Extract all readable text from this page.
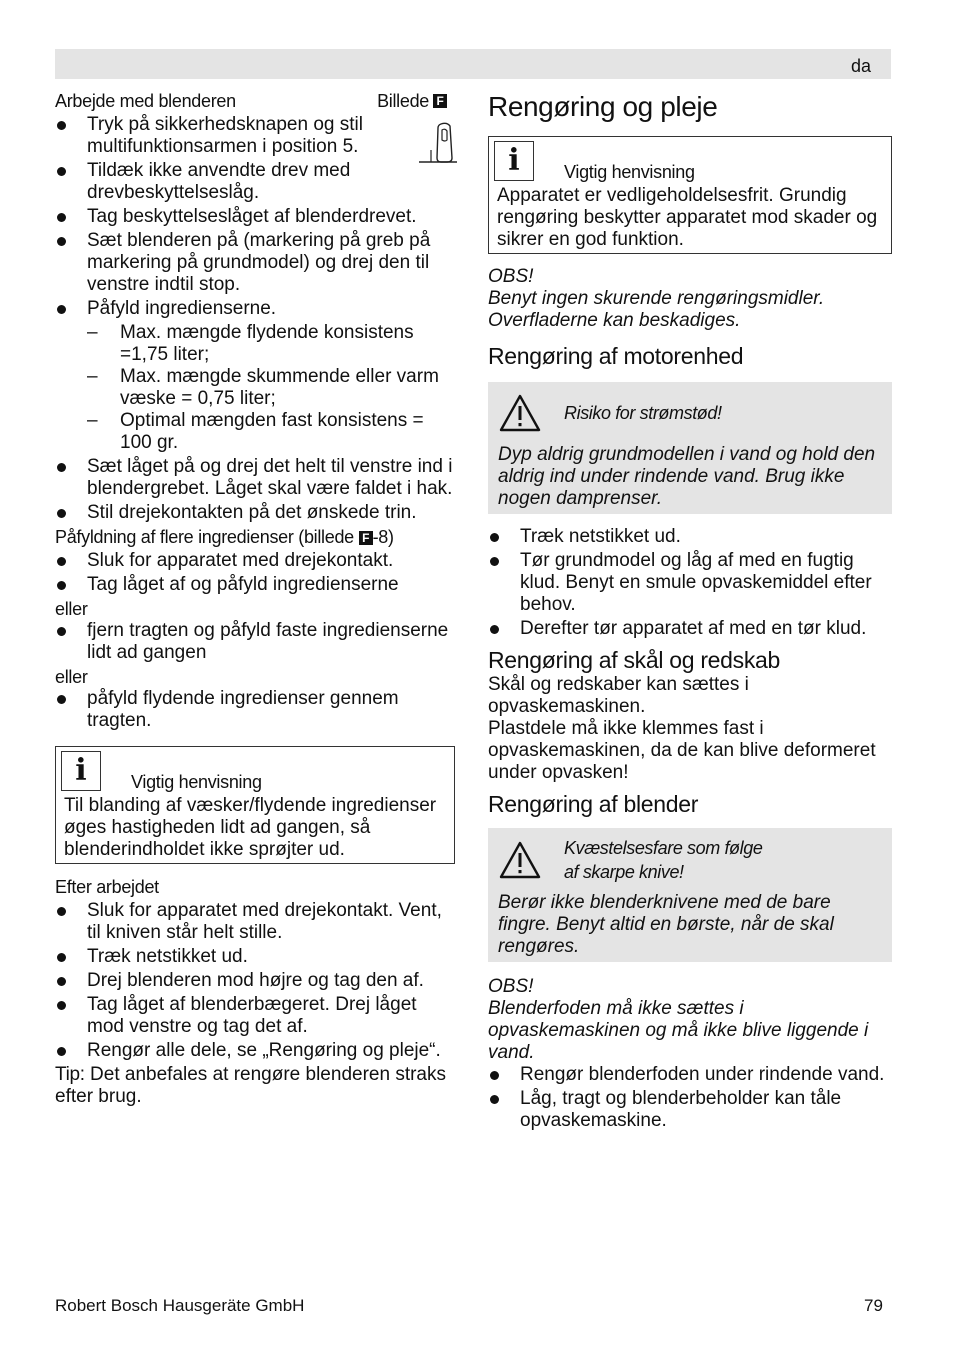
da
Arbejde med blenderen	Billede F
Tryk på sikkerhedsknapen og stil multifunktionsarmen i position 5.
Tildæk ikke anvendte drev med drevbeskyttelseslåg.
Tag beskyttelseslåget af blenderdrevet.
Sæt blenderen på (markering på greb på markering på grundmodel) og drej den til venstre indtil stop.
Påfyld ingredienserne.
– Max. mængde flydende konsistens =1,75 liter;
– Max. mængde skummende eller varm væske = 0,75 liter;
– Optimal mængden fast konsistens = 100 gr.
Sæt låget på og drej det helt til venstre ind i blendergrebet. Låget skal være faldet i hak.
Stil drejekontakten på det ønskede trin.
Påfyldning af flere ingredienser (billede F -8)
Sluk for apparatet med drejekontakt.
Tag låget af og påfyld ingredienserne

eller

fjern tragten og påfyld faste ingredienserne lidt ad gangen

eller

påfyld flydende ingredienser gennem tragten.
i	Vigtig henvisning

Til blanding af væsker/flydende ingredienser øges hastigheden lidt ad gangen, så blenderindholdet ikke sprøjter ud.

Efter arbejdet
Sluk for apparatet med drejekontakt. Vent, til kniven står helt stille.
Træk netstikket ud.
Drej blenderen mod højre og tag den af.
Tag låget af blenderbægeret. Drej låget mod venstre og tag det af.
Rengør alle dele, se „Rengøring og pleje“.

Tip: Det anbefales at rengøre blenderen straks efter brug.

Rengøring og pleje
i	Vigtig henvisning

Apparatet er vedligeholdelsesfrit. Grundig rengøring beskytter apparatet mod skader og sikrer en god funktion.

OBS!

Benyt ingen skurende rengøringsmidler. Overfladerne kan beskadiges.

Rengøring af motorenhed
Risiko for strømstød!

Dyp aldrig grundmodellen i vand og hold den aldrig ind under rindende vand. Brug ikke nogen damprenser.

Træk netstikket ud.
Tør grundmodel og låg af med en fugtig klud. Benyt en smule opvaskemiddel efter behov.
Derefter tør apparatet af med en tør klud.
Rengøring af skål og redskab

Skål og redskaber kan sættes i opvaskemaskinen.

Plastdele må ikke klemmes fast i opvaskemaskinen, da de kan blive deformeret under opvasken!

Rengøring af blender
Kvæstelsesfare som følge
af skarpe knive!

Berør ikke blenderknivene med de bare fingre. Benyt altid en børste, når de skal rengøres.

OBS!

Blenderfoden må ikke sættes i opvaskemaskinen og må ikke blive liggende i vand.

Rengør blenderfoden under rindende vand.
Låg, tragt og blenderbeholder kan tåle opvaskemaskine.
Robert Bosch Hausgeräte GmbH	79
